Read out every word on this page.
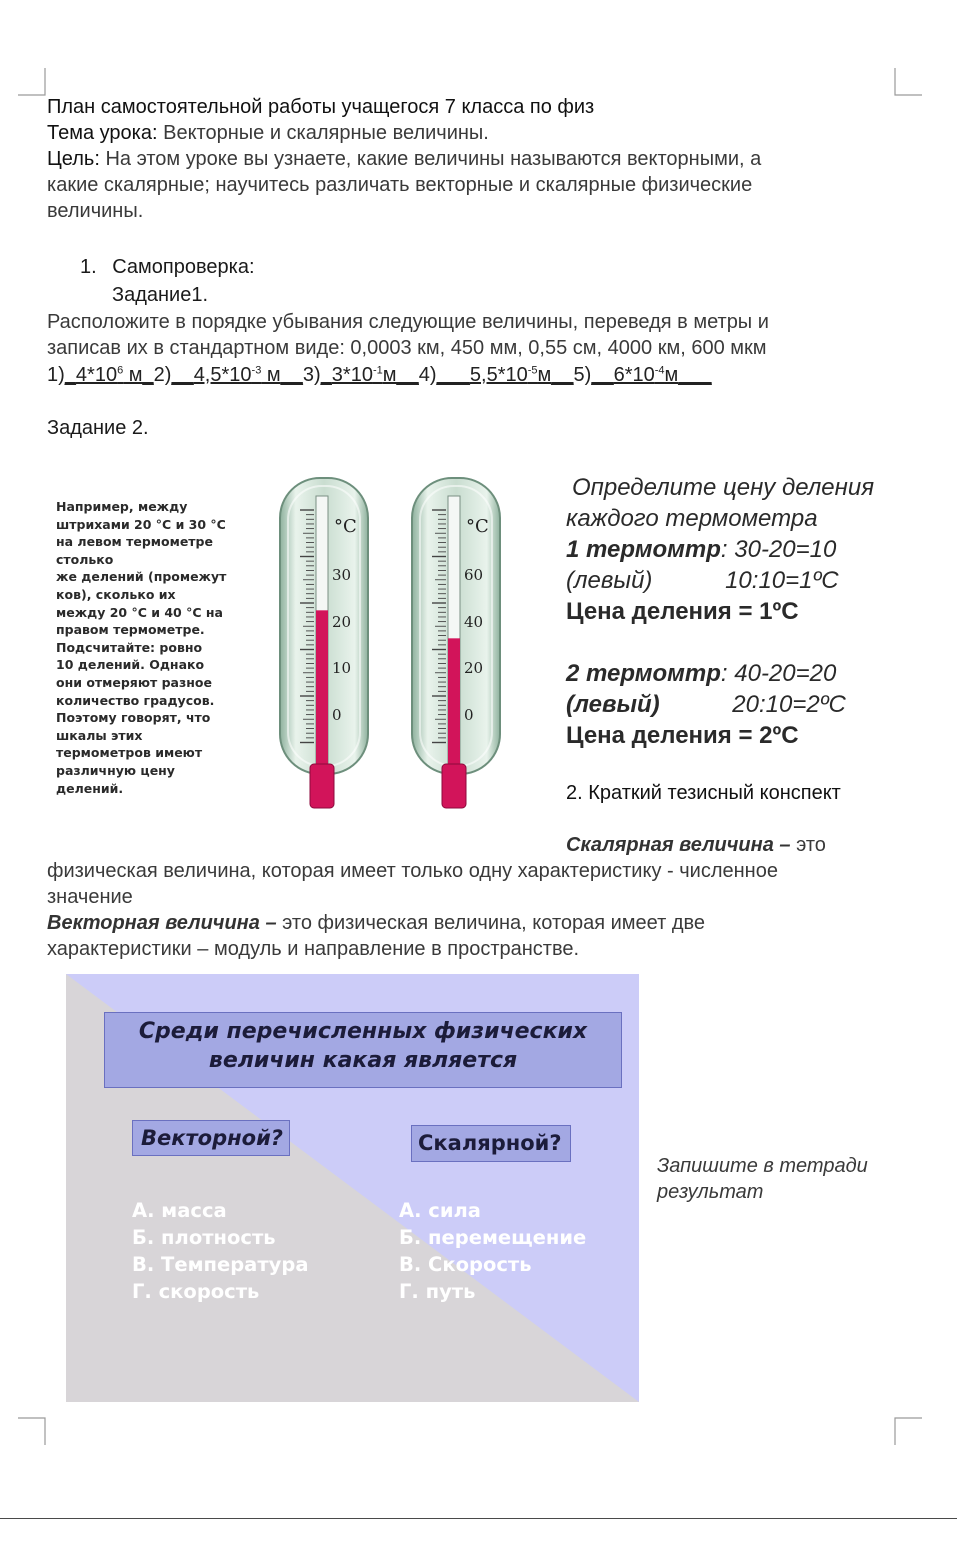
План самостоятельной работы учащегося 7 класса по физ
Тема урока: Векторные и скалярные величины.
Цель: На этом уроке вы узнаете, какие величины называются векторными, а
какие скалярные; научитесь различать векторные и скалярные физические
величины.
1. Самопроверка:
Задание1.
Расположите в порядке убывания следующие величины, переведя в метры и
записав их в стандартном виде: 0,0003 км, 450 мм, 0,55 см, 4000 км, 600 мкм
$1)\_4*10^6$ $м\_2)\_\_4,5*10^{-3}$ $м\_\_3)\_3*10^{-1}м\_\_4)\_\_\_5,5*10^{-5}м\_\_5)\_\_6*10^{-4}м\_\_\_$
Задание 2.
Например, между
штрихами 20 °С и 30 °С
на левом термометре
столько
же делений (промежут
ков), сколько их
между 20 °С и 40 °С на
правом термометре.
Подсчитайте: ровно
10 делений. Однако
они отмеряют разное
количество градусов.
Поэтому говорят, что
шкалы этих
термометров имеют
различную цену
делений.
°C
30
20
10
0
°C
60
40
20
0
Определите цену деления
каждого термометра
1 термомтр: 30-20=10
(левый)	10:10=1ºC
Цена деления = 1ºC
2 термомтр: 40-20=20
(левый)	20:10=2ºC
Цена деления = 2ºC
2. Краткий тезисный конспект
Скалярная величина – это
физическая величина, которая имеет только одну характеристику - численное
значение
Векторная величина – это физическая величина, которая имеет две
характеристики – модуль и направление в пространстве.
Среди перечисленных физических
величин какая является
Векторной?	Скалярной?
А. масса
Б. плотность
В. Температура
Г. скорость
А. сила
Б. перемещение
В. Скорость
Г. путь
Запишите в тетради
результат
